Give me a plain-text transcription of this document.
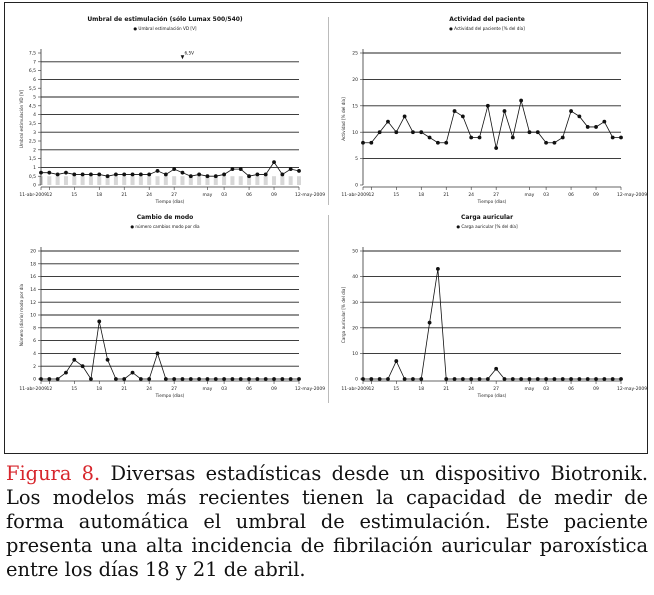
Umbral de estimulación (sólo Lumax 500/540)
● Umbral estimulación VD [V]
0
0,5
1
1,5
2
2,5
3
3,5
4
4,5
5
5,5
6
6,5
7
7,5
Umbral estimulación VD [V]
11-abr-2009 12	15	18	21	24	27	may 03	06	09	12-may-2009
Tiempo (días)
6,5V
Actividad del paciente
● Actividad del paciente [% del día]
0
5
10
15
20
25
Actividad [% del día]
11-abr-2009 12	15	18	21	24	27	may 03	06	09	12-may-2009
Tiempo (días)
Cambio de modo
● número cambios modo por día
0
2
4
6
8
10
12
14
16
18
20
Número (diario) modo por día
11-abr-2009 12	15	18	21	24	27	may 03	06	09	12-may-2009
Tiempo (días)
Carga auricular
● Carga auricular [% del día]
0
10
20
30
40
50
Carga auricular [% del día]
11-abr-2009 12	15	18	21	24	27	may 03	06	09	12-may-2009
Tiempo (días)
Figura 8. Diversas estadísticas desde un dispositivo Biotronik. Los modelos más recientes tienen la capacidad de medir de forma automática el umbral de estimulación. Este paciente presenta una alta incidencia de fibrilación auricular paroxística entre los días 18 y 21 de abril.
